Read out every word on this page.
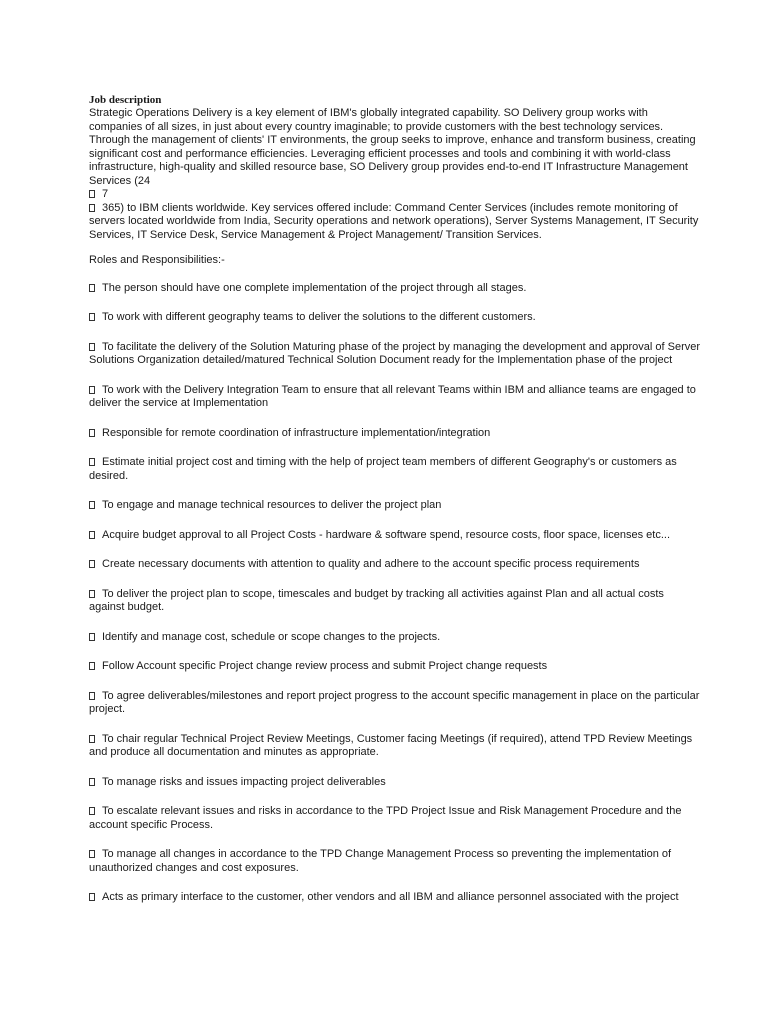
Job description
Strategic Operations Delivery is a key element of IBM's globally integrated capability. SO Delivery group works with
companies of all sizes, in just about every country imaginable; to provide customers with the best technology services.
Through the management of clients' IT environments, the group seeks to improve, enhance and transform business, creating
significant cost and performance efficiencies. Leveraging efficient processes and tools and combining it with world-class
infrastructure, high-quality and skilled resource base, SO Delivery group provides end-to-end IT Infrastructure Management
Services (24
7
365) to IBM clients worldwide. Key services offered include: Command Center Services (includes remote monitoring of
servers located worldwide from India, Security operations and network operations), Server Systems Management, IT Security
Services, IT Service Desk, Service Management & Project Management/ Transition Services.
Roles and Responsibilities:-
The person should have one complete implementation of the project through all stages.
To work with different geography teams to deliver the solutions to the different customers.
To facilitate the delivery of the Solution Maturing phase of the project by managing the development and approval of Server
Solutions Organization detailed/matured Technical Solution Document ready for the Implementation phase of the project
To work with the Delivery Integration Team to ensure that all relevant Teams within IBM and alliance teams are engaged to
deliver the service at Implementation
Responsible for remote coordination of infrastructure implementation/integration
Estimate initial project cost and timing with the help of project team members of different Geography's or customers as
desired.
To engage and manage technical resources to deliver the project plan
Acquire budget approval to all Project Costs - hardware & software spend, resource costs, floor space, licenses etc...
Create necessary documents with attention to quality and adhere to the account specific process requirements
To deliver the project plan to scope, timescales and budget by tracking all activities against Plan and all actual costs
against budget.
Identify and manage cost, schedule or scope changes to the projects.
Follow Account specific Project change review process and submit Project change requests
To agree deliverables/milestones and report project progress to the account specific management in place on the particular
project.
To chair regular Technical Project Review Meetings, Customer facing Meetings (if required), attend TPD Review Meetings
and produce all documentation and minutes as appropriate.
To manage risks and issues impacting project deliverables
To escalate relevant issues and risks in accordance to the TPD Project Issue and Risk Management Procedure and the
account specific Process.
To manage all changes in accordance to the TPD Change Management Process so preventing the implementation of
unauthorized changes and cost exposures.
Acts as primary interface to the customer, other vendors and all IBM and alliance personnel associated with the project
